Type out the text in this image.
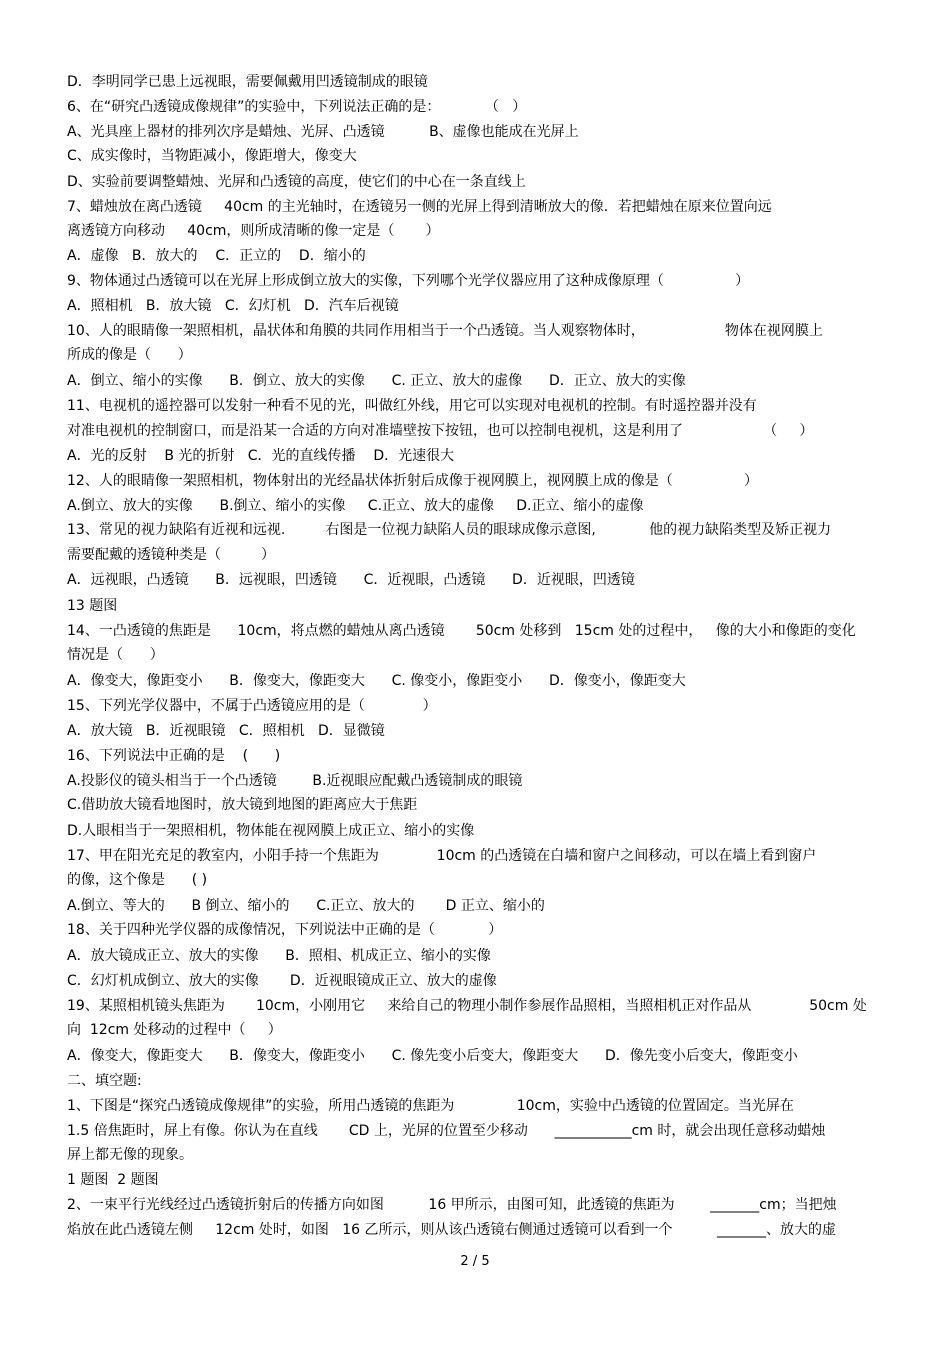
D．李明同学已患上远视眼，需要佩戴用凹透镜制成的眼镜
6、在“研究凸透镜成像规律”的实验中，下列说法正确的是：          （   ）
A、光具座上器材的排列次序是蜡烛、光屏、凸透镜          B、虚像也能成在光屏上
C、成实像时，当物距减小，像距增大，像变大
D、实验前要调整蜡烛、光屏和凸透镜的高度，使它们的中心在一条直线上
7、蜡烛放在离凸透镜     40cm 的主光轴时，在透镜另一侧的光屏上得到清晰放大的像．若把蜡烛在原来位置向远
离透镜方向移动     40cm，则所成清晰的像一定是（       ）
A．虚像   B．放大的    C．正立的    D．缩小的
9、物体通过凸透镜可以在光屏上形成倒立放大的实像，下列哪个光学仪器应用了这种成像原理（                ）
A．照相机   B．放大镜   C．幻灯机   D．汽车后视镜
10、人的眼睛像一架照相机，晶状体和角膜的共同作用相当于一个凸透镜。当人观察物体时，                  物体在视网膜上
所成的像是（      ）
A．倒立、缩小的实像      B．倒立、放大的实像      C. 正立、放大的虚像      D．正立、放大的实像
11、电视机的遥控器可以发射一种看不见的光，叫做红外线，用它可以实现对电视机的控制。有时遥控器并没有
对准电视机的控制窗口，而是沿某一合适的方向对准墙壁按下按钮，也可以控制电视机，这是利用了                  （     ）
A．光的反射    B 光的折射   C．光的直线传播    D．光速很大
12、人的眼睛像一架照相机，物体射出的光经晶状体折射后成像于视网膜上，视网膜上成的像是（                ）
A.倒立、放大的实像      B.倒立、缩小的实像     C.正立、放大的虚像     D.正立、缩小的虚像
13、常见的视力缺陷有近视和远视.         右图是一位视力缺陷人员的眼球成像示意图,            他的视力缺陷类型及矫正视力
需要配戴的透镜种类是（         ）
A．远视眼，凸透镜      B．远视眼，凹透镜      C．近视眼，凸透镜      D．近视眼，凹透镜
13 题图
14、一凸透镜的焦距是      10cm，将点燃的蜡烛从离凸透镜       50cm 处移到   15cm 处的过程中，   像的大小和像距的变化
情况是（      ）
A．像变大，像距变小      B．像变大，像距变大      C. 像变小，像距变小      D．像变小，像距变大
15、下列光学仪器中，不属于凸透镜应用的是（             ）
A．放大镜   B．近视眼镜   C．照相机   D．显微镜
16、下列说法中正确的是    (      )
A.投影仪的镜头相当于一个凸透镜        B.近视眼应配戴凸透镜制成的眼镜
C.借助放大镜看地图时，放大镜到地图的距离应大于焦距
D.人眼相当于一架照相机，物体能在视网膜上成正立、缩小的实像
17、甲在阳光充足的教室内，小阳手持一个焦距为             10cm 的凸透镜在白墙和窗户之间移动，可以在墙上看到窗户
的像，这个像是      ( )
A.倒立、等大的      B 倒立、缩小的      C.正立、放大的       D 正立、缩小的
18、关于四种光学仪器的成像情况，下列说法中正确的是（            ）
A．放大镜成正立、放大的实像      B．照相、机成正立、缩小的实像
C．幻灯机成倒立、放大的实像       D．近视眼镜成正立、放大的虚像
19、某照相机镜头焦距为       10cm，小刚用它     来给自己的物理小制作参展作品照相，当照相机正对作品从             50cm 处
向  12cm 处移动的过程中（     ）
A．像变大，像距变大      B．像变大，像距变小      C. 像先变小后变大，像距变大      D．像先变小后变大，像距变小
二、填空题:
1、下图是“探究凸透镜成像规律”的实验，所用凸透镜的焦距为              10cm，实验中凸透镜的位置固定。当光屏在
1.5 倍焦距时，屏上有像。你认为在直线       CD 上，光屏的位置至少移动      ___________cm 时，就会出现任意移动蜡烛
屏上都无像的现象。
1 题图  2 题图
2、一束平行光线经过凸透镜折射后的传播方向如图          16 甲所示，由图可知，此透镜的焦距为        _______cm；当把烛
焰放在此凸透镜左侧     12cm 处时，如图   16 乙所示，则从该凸透镜右侧通过透镜可以看到一个          _______、放大的虚
2 / 5
